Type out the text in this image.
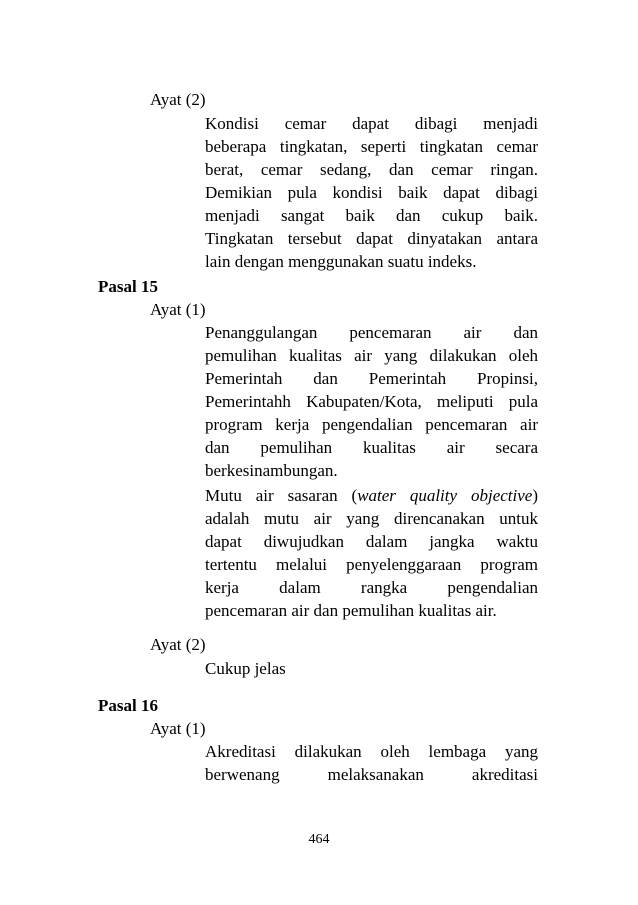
Ayat (2)
Kondisi cemar dapat dibagi menjadi
beberapa tingkatan, seperti tingkatan cemar
berat, cemar sedang, dan cemar ringan.
Demikian pula kondisi baik dapat dibagi
menjadi sangat baik dan cukup baik.
Tingkatan tersebut dapat dinyatakan antara
lain dengan menggunakan suatu indeks.
Pasal 15
Ayat (1)
Penanggulangan pencemaran air dan
pemulihan kualitas air yang dilakukan oleh
Pemerintah dan Pemerintah Propinsi,
Pemerintahh Kabupaten/Kota, meliputi pula
program kerja pengendalian pencemaran air
dan pemulihan kualitas air secara
berkesinambungan.
Mutu air sasaran (water quality objective)
adalah mutu air yang direncanakan untuk
dapat diwujudkan dalam jangka waktu
tertentu melalui penyelenggaraan program
kerja dalam rangka pengendalian
pencemaran air dan pemulihan kualitas air.
Ayat (2)
Cukup jelas
Pasal 16
Ayat (1)
Akreditasi dilakukan oleh lembaga yang
berwenang melaksanakan akreditasi
464
